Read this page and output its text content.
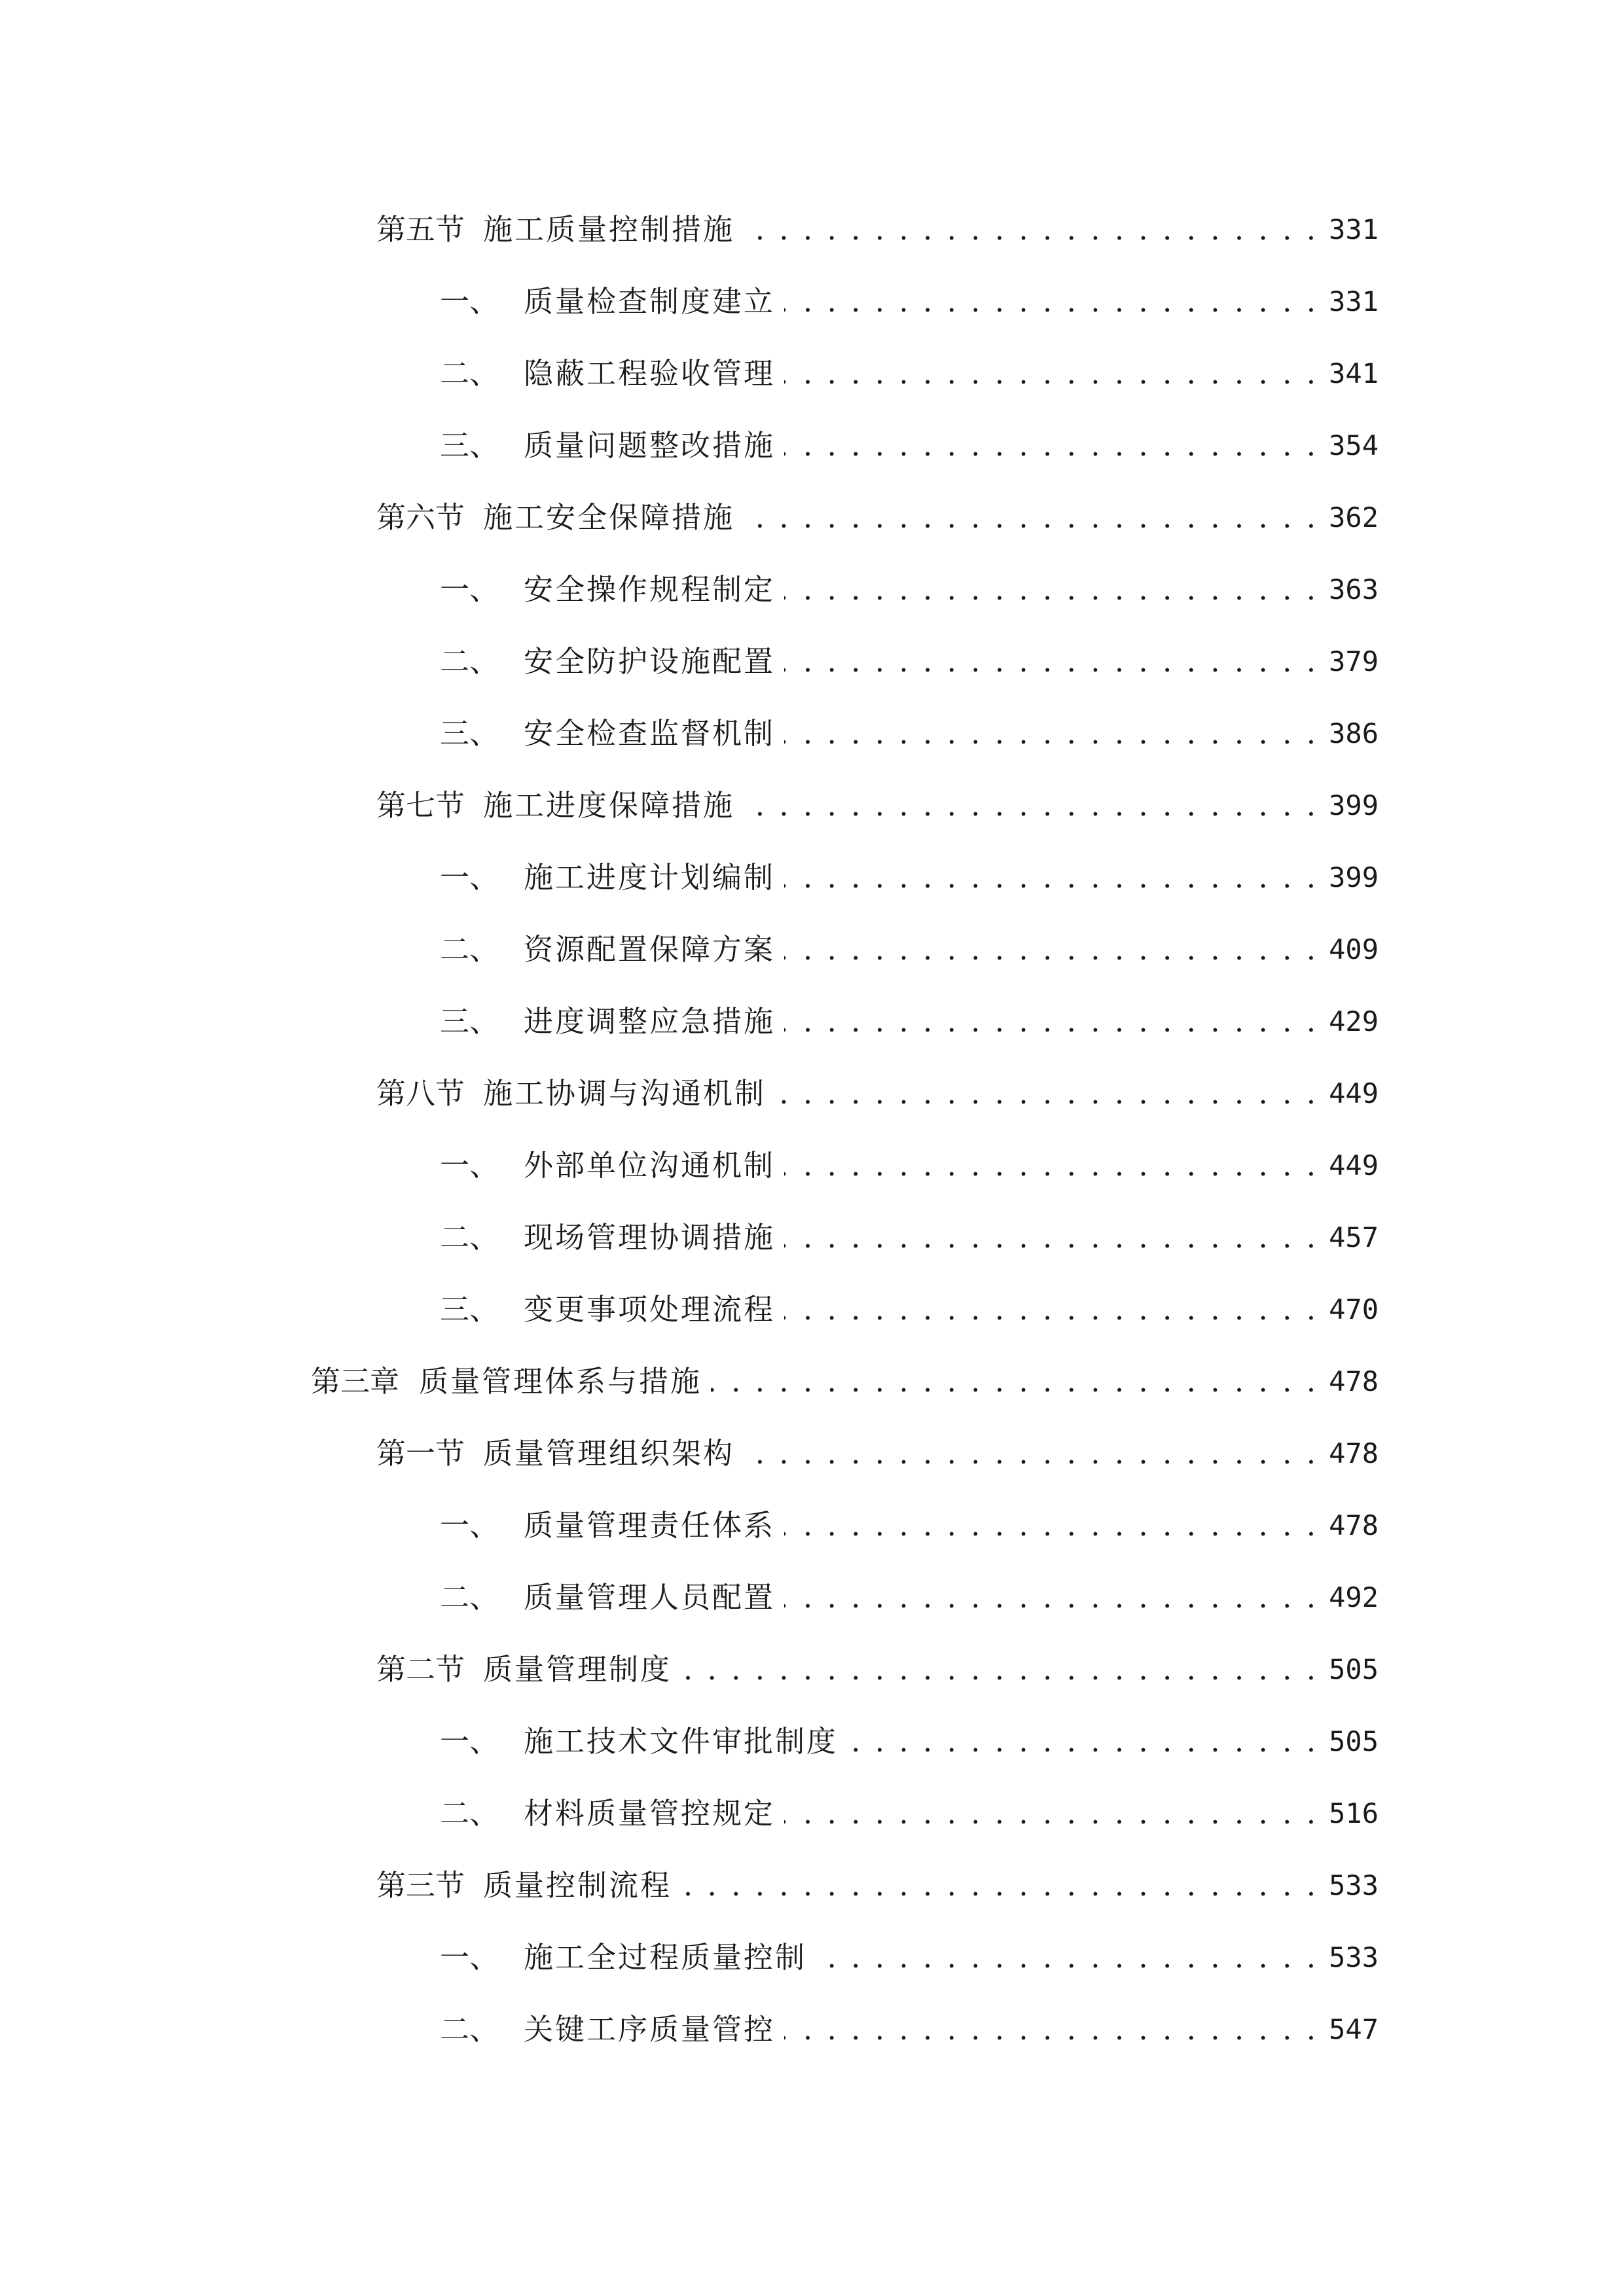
第五节 施工质量控制措施 . . .	331
一、 质量检查制度建立 . . .	331
二、 隐蔽工程验收管理 . . .	341
三、 质量问题整改措施 . . .	354
第六节 施工安全保障措施 . . .	362
一、 安全操作规程制定 . . .	363
二、 安全防护设施配置 . . .	379
三、 安全检查监督机制 . . .	386
第七节 施工进度保障措施 . . .	399
一、 施工进度计划编制 . . .	399
二、 资源配置保障方案 . . .	409
三、 进度调整应急措施 . . .	429
第八节 施工协调与沟通机制 . . .	449
一、 外部单位沟通机制 . . .	449
二、 现场管理协调措施 . . .	457
三、 变更事项处理流程 . . .	470
第三章 质量管理体系与措施 . . .	478
第一节 质量管理组织架构 . . .	478
一、 质量管理责任体系 . . .	478
二、 质量管理人员配置 . . .	492
第二节 质量管理制度 . . .	505
一、 施工技术文件审批制度 . . .	505
二、 材料质量管控规定 . . .	516
第三节 质量控制流程 . . .	533
一、 施工全过程质量控制 . . .	533
二、 关键工序质量管控 . . .	547
